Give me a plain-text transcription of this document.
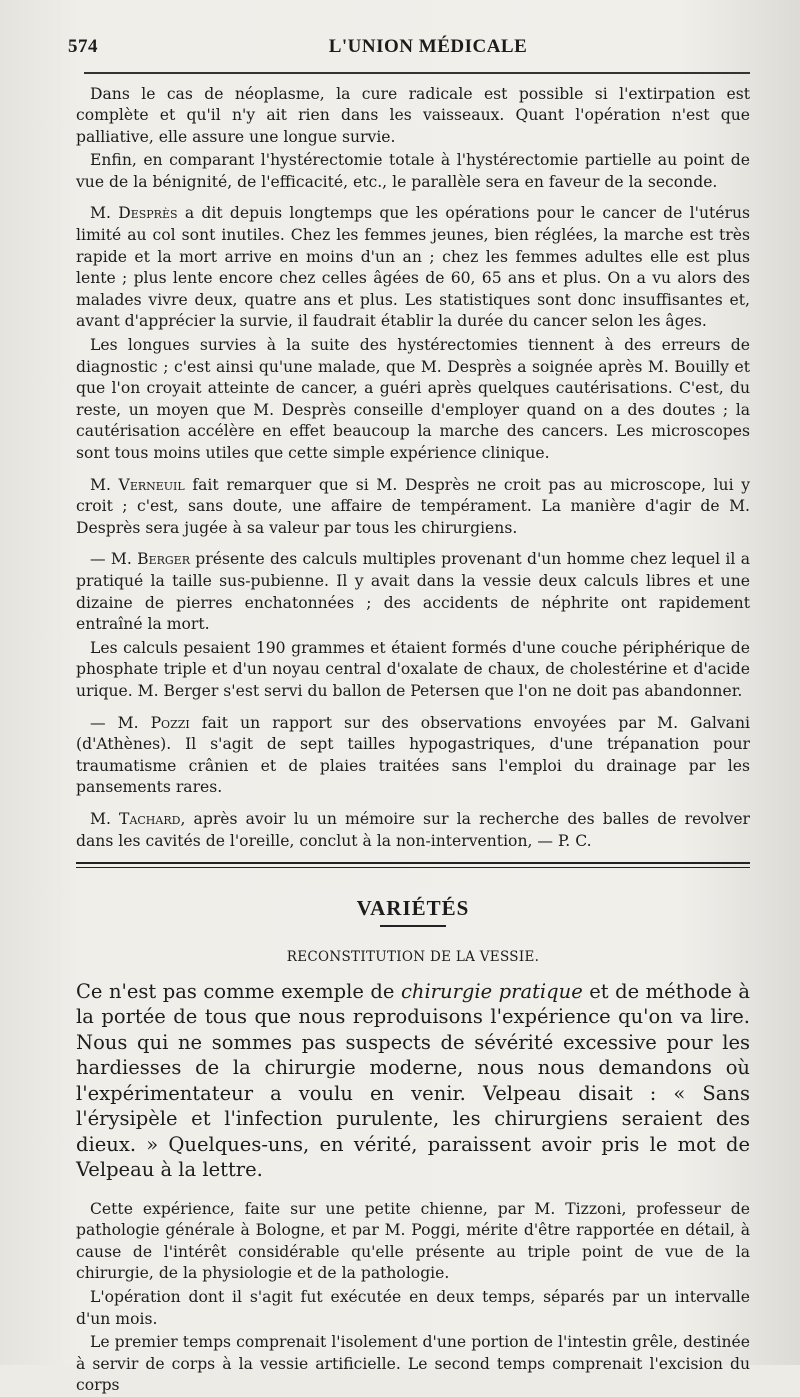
574	L'UNION MÉDICALE

Dans le cas de néoplasme, la cure radicale est possible si l'extirpation est complète et qu'il n'y ait rien dans les vaisseaux. Quant l'opération n'est que palliative, elle assure une longue survie.

Enfin, en comparant l'hystérectomie totale à l'hystérectomie partielle au point de vue de la bénignité, de l'efficacité, etc., le parallèle sera en faveur de la seconde.

M. Desprès a dit depuis longtemps que les opérations pour le cancer de l'utérus limité au col sont inutiles. Chez les femmes jeunes, bien réglées, la marche est très rapide et la mort arrive en moins d'un an ; chez les femmes adultes elle est plus lente ; plus lente encore chez celles âgées de 60, 65 ans et plus. On a vu alors des malades vivre deux, quatre ans et plus. Les statistiques sont donc insuffisantes et, avant d'apprécier la survie, il faudrait établir la durée du cancer selon les âges.

Les longues survies à la suite des hystérectomies tiennent à des erreurs de diagnostic ; c'est ainsi qu'une malade, que M. Desprès a soignée après M. Bouilly et que l'on croyait atteinte de cancer, a guéri après quelques cautérisations. C'est, du reste, un moyen que M. Desprès conseille d'employer quand on a des doutes ; la cautérisation accélère en effet beaucoup la marche des cancers. Les microscopes sont tous moins utiles que cette simple expérience clinique.

M. Verneuil fait remarquer que si M. Desprès ne croit pas au microscope, lui y croit ; c'est, sans doute, une affaire de tempérament. La manière d'agir de M. Desprès sera jugée à sa valeur par tous les chirurgiens.

— M. Berger présente des calculs multiples provenant d'un homme chez lequel il a pratiqué la taille sus-pubienne. Il y avait dans la vessie deux calculs libres et une dizaine de pierres enchatonnées ; des accidents de néphrite ont rapidement entraîné la mort.

Les calculs pesaient 190 grammes et étaient formés d'une couche périphérique de phosphate triple et d'un noyau central d'oxalate de chaux, de cholestérine et d'acide urique. M. Berger s'est servi du ballon de Petersen que l'on ne doit pas abandonner.

— M. Pozzi fait un rapport sur des observations envoyées par M. Galvani (d'Athènes). Il s'agit de sept tailles hypogastriques, d'une trépanation pour traumatisme crânien et de plaies traitées sans l'emploi du drainage par les pansements rares.

M. Tachard, après avoir lu un mémoire sur la recherche des balles de revolver dans les cavités de l'oreille, conclut à la non-intervention, — P. C.

VARIÉTÉS
RECONSTITUTION DE LA VESSIE.

Ce n'est pas comme exemple de chirurgie pratique et de méthode à la portée de tous que nous reproduisons l'expérience qu'on va lire. Nous qui ne sommes pas suspects de sévérité excessive pour les hardiesses de la chirurgie moderne, nous nous demandons où l'expérimentateur a voulu en venir. Velpeau disait : « Sans l'érysipèle et l'infection purulente, les chirurgiens seraient des dieux. » Quelques-uns, en vérité, paraissent avoir pris le mot de Velpeau à la lettre.

Cette expérience, faite sur une petite chienne, par M. Tizzoni, professeur de pathologie générale à Bologne, et par M. Poggi, mérite d'être rapportée en détail, à cause de l'intérêt considérable qu'elle présente au triple point de vue de la chirurgie, de la physiologie et de la pathologie.

L'opération dont il s'agit fut exécutée en deux temps, séparés par un intervalle d'un mois.

Le premier temps comprenait l'isolement d'une portion de l'intestin grêle, destinée à servir de corps à la vessie artificielle. Le second temps comprenait l'excision du corps
